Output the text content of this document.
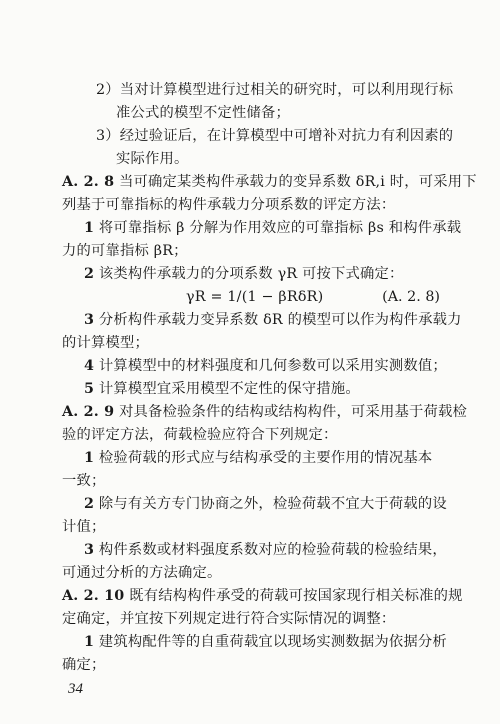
2）当对计算模型进行过相关的研究时，可以利用现行标
准公式的模型不定性储备；
3）经过验证后，在计算模型中可增补对抗力有利因素的
实际作用。
A. 2. 8 当可确定某类构件承载力的变异系数 δR,i 时，可采用下
列基于可靠指标的构件承载力分项系数的评定方法：
1 将可靠指标 β 分解为作用效应的可靠指标 βs 和构件承载
力的可靠指标 βR；
2 该类构件承载力的分项系数 γR 可按下式确定：
γR = 1/(1 − βRδR)	(A. 2. 8)
3 分析构件承载力变异系数 δR 的模型可以作为构件承载力
的计算模型；
4 计算模型中的材料强度和几何参数可以采用实测数值；
5 计算模型宜采用模型不定性的保守措施。
A. 2. 9 对具备检验条件的结构或结构构件，可采用基于荷载检
验的评定方法，荷载检验应符合下列规定：
1 检验荷载的形式应与结构承受的主要作用的情况基本
一致；
2 除与有关方专门协商之外，检验荷载不宜大于荷载的设
计值；
3 构件系数或材料强度系数对应的检验荷载的检验结果，
可通过分析的方法确定。
A. 2. 10 既有结构构件承受的荷载可按国家现行相关标准的规
定确定，并宜按下列规定进行符合实际情况的调整：
1 建筑构配件等的自重荷载宜以现场实测数据为依据分析
确定；
34
